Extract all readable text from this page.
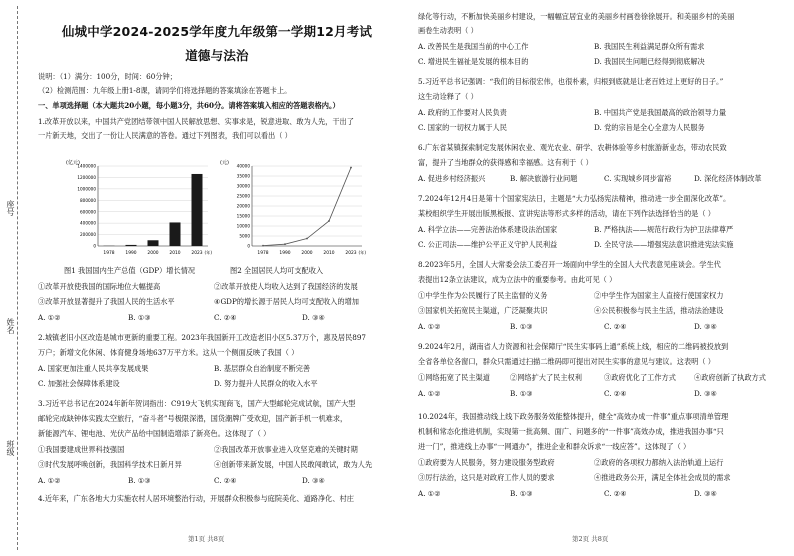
座号
姓名
班级
仙城中学2024-2025学年度九年级第一学期12月考试
道德与法治
说明：（1）满分：100分，时间：60分钟；
（2）检测范围：九年级上册1-8课，请同学们将选择题的答案填涂在答题卡上。
一、单项选择题（本大题共20小题，每小题3分，共60分。请将答案填入相应的答题表格内。）
1.改革开放以来，中国共产党团结带领中国人民解放思想、实事求是，锐意进取、敢为人先，干出了
一片新天地，交出了一份让人民满意的答卷。通过下列图表，我们可以看出（ ）
(亿元)
0
200000
400000
600000
800000
1000000
1200000
1400000
1978 1990 2000 2010 2023 (年)
(元)
0
5000
10000
15000
20000
25000
30000
35000
40000
1978 1990 2000 2010 2023 (年)
图1 我国国内生产总值（GDP）增长情况	图2 全国居民人均可支配收入
①改革开放使我国的国际地位大幅提高	②改革开放使人均收入达到了我国经济的发展
③改革开放显著提升了我国人民的生活水平	④GDP的增长源于居民人均可支配收入的增加
A. ①②	B. ①③	C. ②④	D. ③④
2.城镇老旧小区改造是城市更新的重要工程。2023年我国新开工改造老旧小区5.37万个，惠及居民897
万户；新增文化休闲、体育健身场地637万平方米。这从一个侧面反映了我国（ ）
A. 国家更加注重人民共享发展成果	B. 基层群众自治制度不断完善
C. 加强社会保障体系建设	D. 努力提升人民群众的收入水平
3.习近平总书记在2024年新年贺词指出：C919大飞机实现商飞，国产大型邮轮完成试航，国产大型
邮轮完成缺钟体实践太空旅行，“奋斗者”号极限深潜，国货潮牌广受欢迎，国产新手机一机难求，
新能源汽车、锂电池、光伏产品给中国制造增添了新亮色。这体现了（ ）
①我国要建成世界科技强国	②我国改革开放事业进入攻坚克难的关键时期
③时代发展呼唤创新，我国科学技术日新月异	④创新带来新发展，中国人民敢闯敢试，敢为人先
A. ①②	B. ①③	C. ②④	D. ③④
4.近年来，广东各地大力实施农村人居环境整治行动，开展群众积极参与庭院美化、道路净化、村庄
第1页 共8页
绿化等行动，不断加快美丽乡村建设，一幅幅宜居宜业的美丽乡村画卷徐徐展开。和美丽乡村的美丽
画卷生动表明（ ）
A. 改善民生是我国当前的中心工作	B. 我国民生利益满足群众所有需求
C. 增进民生福祉是发展的根本目的	D. 我国民生问题已经得到彻底解决
5.习近平总书记强调：“我们的目标很宏伟，也很朴素，归根到底就是让老百姓过上更好的日子。”
这生动诠释了（ ）
A. 政府的工作要对人民负责	B. 中国共产党是我国最高的政治领导力量
C. 国家的一切权力属于人民	D. 党的宗旨是全心全意为人民服务
6.广东省某镇探索制定发展休闲农业、观光农业、研学、农耕体验等乡村旅游新业态，带动农民致
富，提升了当地群众的获得感和幸福感。这有利于（ ）
A. 促进乡村经济振兴	B. 解决旅游行业问题	C. 实现城乡同步富裕	D. 深化经济体制改革
7.2024年12月4日是第十个国家宪法日，主题是“大力弘扬宪法精神，推动进一步全面深化改革”。
某校组织学生开展出版黑板报、宣讲宪法等形式多样的活动，请在下列作法选择恰当的是（ ）
A. 科学立法——完善法治体系建设法治国家	B. 严格执法——规范行政行为护卫法律尊严
C. 公正司法——维护公平正义守护人民利益	D. 全民守法——增强宪法意识推进宪法实施
8.2023年5月，全国人大常委会法工委召开一场面向中学生的全国人大代表意见座谈会。学生代
表提出12条立法建议，成为立法中的重要参考。由此可见（ ）
①中学生作为公民履行了民主监督的义务	②中学生作为国家主人直接行使国家权力
③国家机关拓宽民主渠道，广泛凝聚共识	④公民积极参与民主生活，推动法治建设
A. ①②	B. ①③	C. ②④	D. ③④
9.2024年2月，湖南省人力资源和社会保障厅“民生实事码上通”系统上线，相应的二维码被投放到
全省各单位各窗口，群众只需通过扫描二维码即可提出对民生实事的意见与建议。这表明（ ）
①网络拓宽了民主渠道	②网络扩大了民主权利	③政府优化了工作方式	④政府创新了执政方式
A. ①②	B. ①③	C. ②④	D. ③④
10.2024年，我国推动线上线下政务服务效能整体提升，健全“高效办成一件事”重点事项清单管理
机制和常态化推进机制，实现第一批高频、面广、问题多的“一件事”高效办成，推进我国办事“只
进一门”，推进线上办事“一网通办”，推进企业和群众诉求“一线应答”。这体现了（ ）
①政府要为人民服务，努力建设服务型政府	②政府的各项权力都纳入法治轨道上运行
③厉行法治，这只是对政府工作人员的要求	④推进政务公开，满足全体社会成员的需求
A. ①②	B. ①③	C. ②④	D. ③④
第2页 共8页
